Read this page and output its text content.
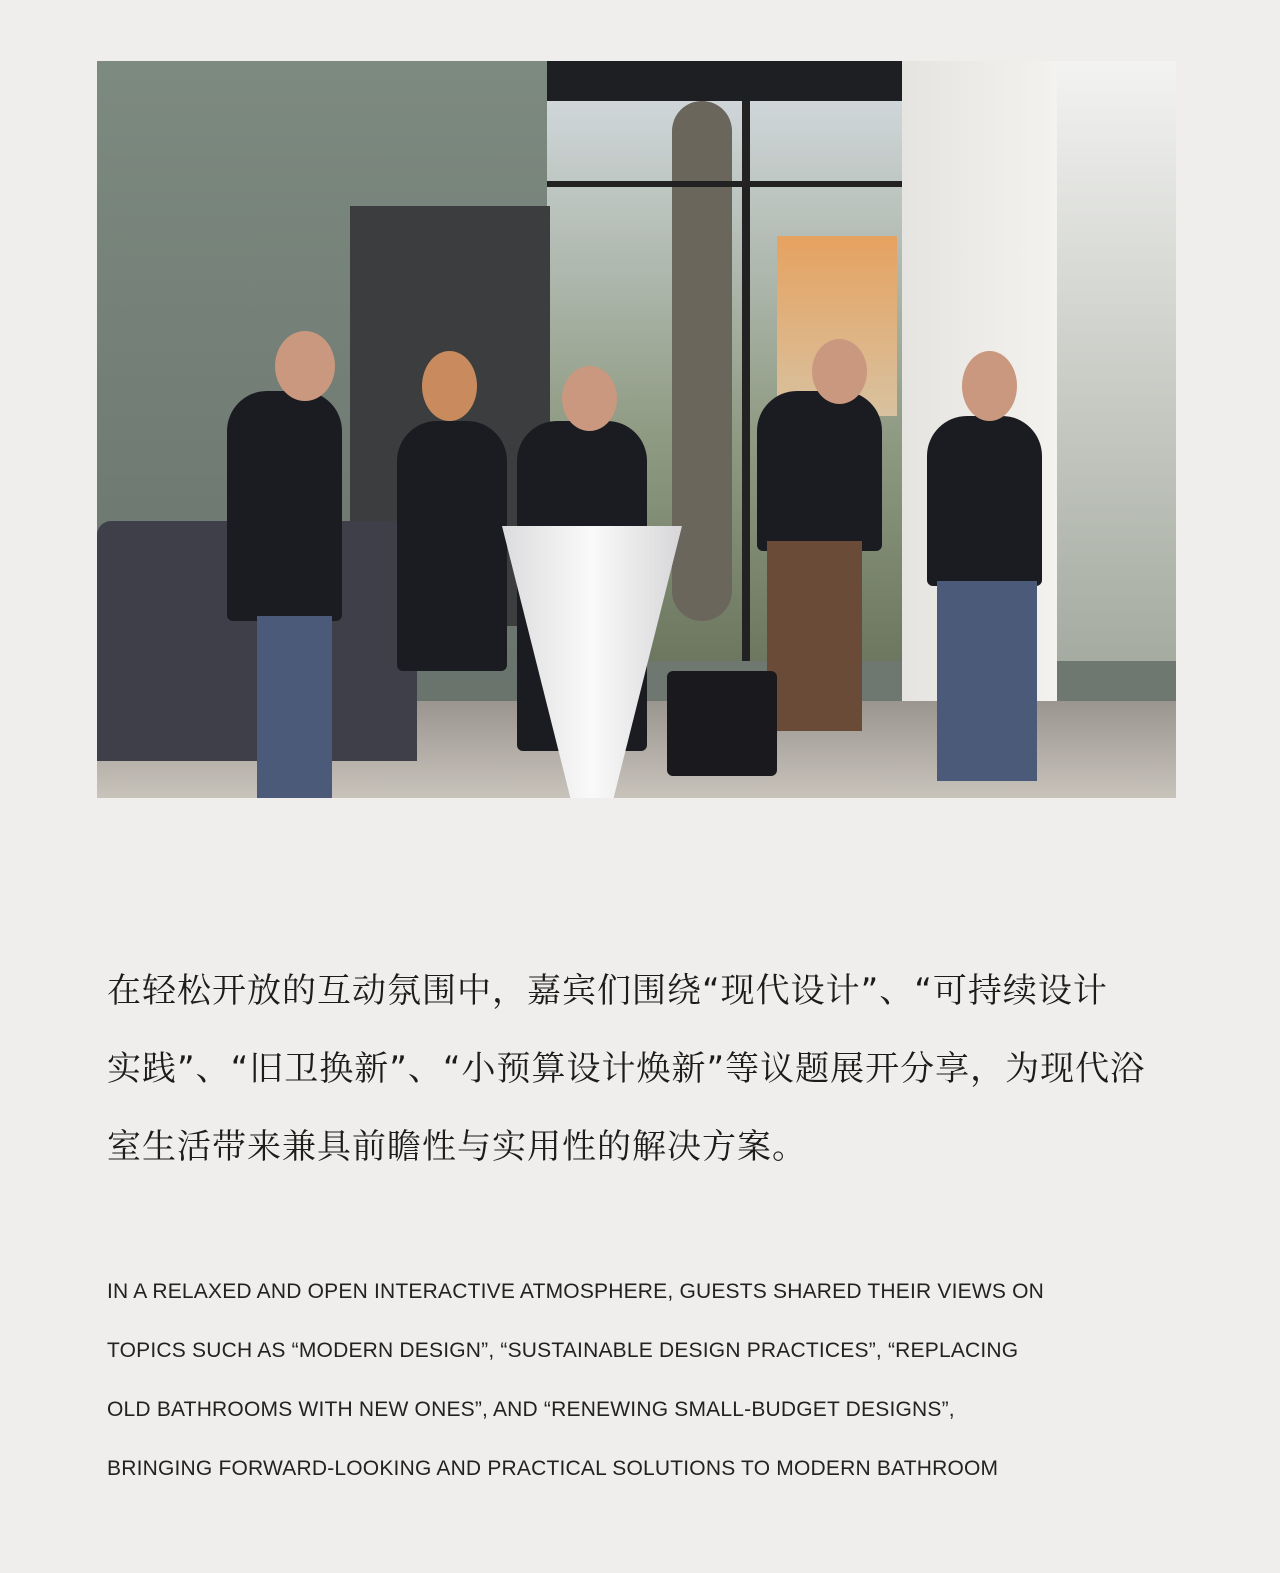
在轻松开放的互动氛围中，嘉宾们围绕“现代设计”、“可持续设计
实践”、“旧卫换新”、“小预算设计焕新”等议题展开分享，为现代浴
室生活带来兼具前瞻性与实用性的解决方案。
IN A RELAXED AND OPEN INTERACTIVE ATMOSPHERE, GUESTS SHARED THEIR VIEWS ON
TOPICS SUCH AS “MODERN DESIGN”, “SUSTAINABLE DESIGN PRACTICES”, “REPLACING
OLD BATHROOMS WITH NEW ONES”, AND “RENEWING SMALL-BUDGET DESIGNS”,
BRINGING FORWARD-LOOKING AND PRACTICAL SOLUTIONS TO MODERN BATHROOM
